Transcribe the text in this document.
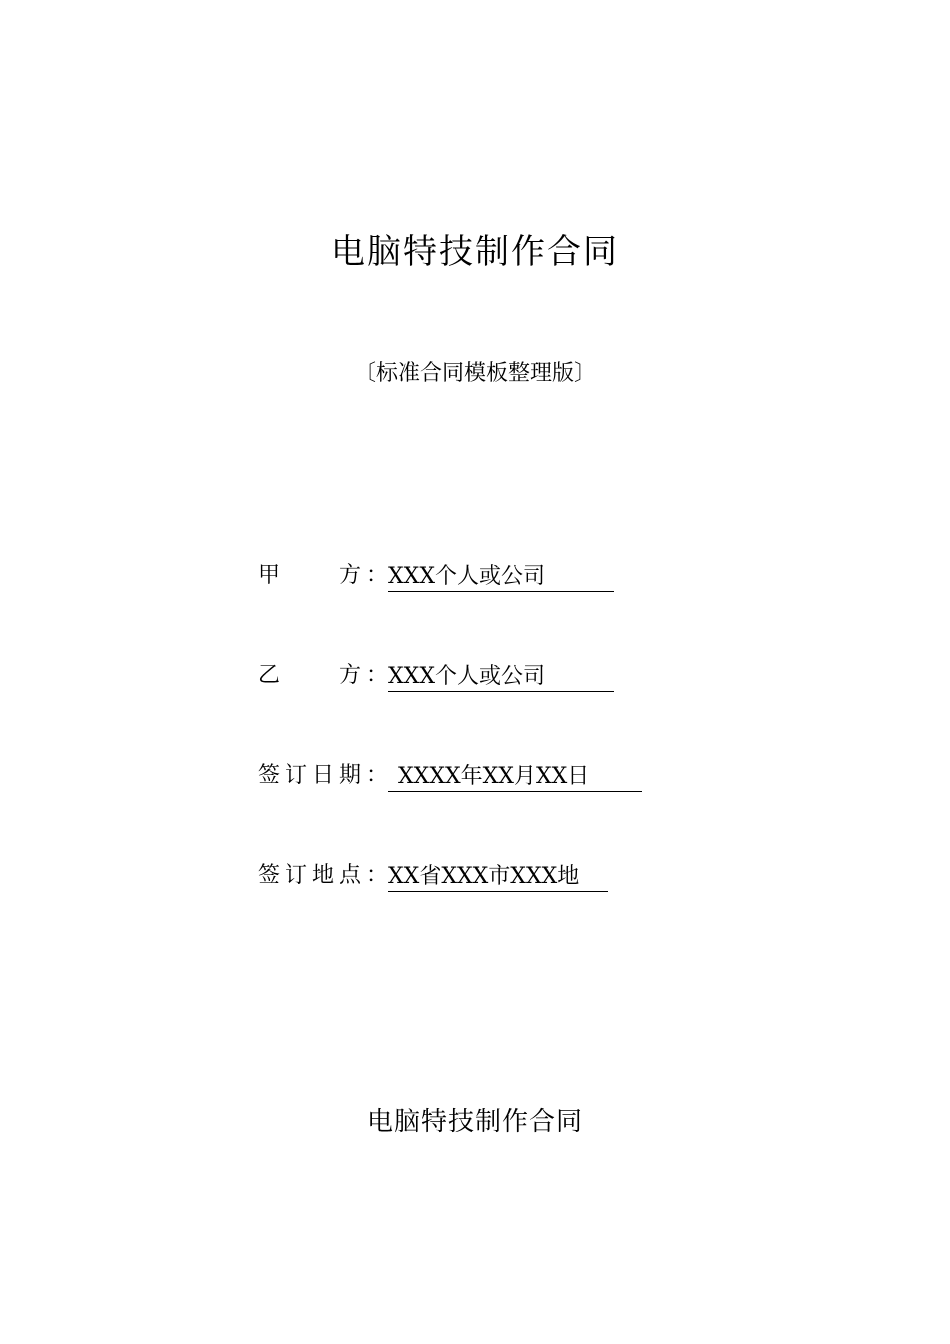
电脑特技制作合同
〔标准合同模板整理版〕
甲　　方： XXX个人或公司
乙　　方： XXX个人或公司
签订日期： XXXX年XX月XX日
签订地点： XX省XXX市XXX地
电脑特技制作合同
